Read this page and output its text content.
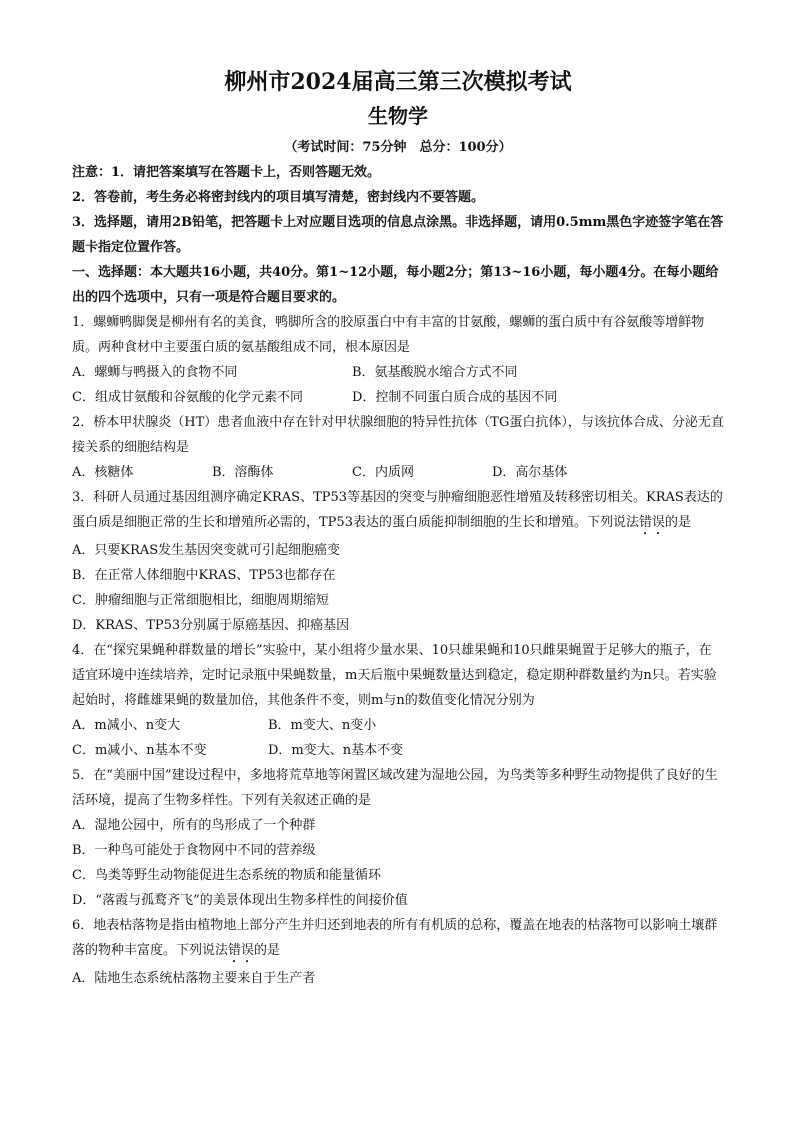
柳州市2024届高三第三次模拟考试
生物学
（考试时间：75分钟　总分：100分）

注意：1．请把答案填写在答题卡上，否则答题无效。

2．答卷前，考生务必将密封线内的项目填写清楚，密封线内不要答题。

3．选择题，请用2B铅笔，把答题卡上对应题目选项的信息点涂黑。非选择题，请用0.5mm黑色字迹签字笔在答题卡指定位置作答。

一、选择题：本大题共16小题，共40分。第1~12小题，每小题2分；第13~16小题，每小题4分。在每小题给出的四个选项中，只有一项是符合题目要求的。

1．螺蛳鸭脚煲是柳州有名的美食，鸭脚所含的胶原蛋白中有丰富的甘氨酸，螺蛳的蛋白质中有谷氨酸等增鲜物质。两种食材中主要蛋白质的氨基酸组成不同，根本原因是

A．螺蛳与鸭摄入的食物不同	B．氨基酸脱水缩合方式不同
C．组成甘氨酸和谷氨酸的化学元素不同	D．控制不同蛋白质合成的基因不同

2．桥本甲状腺炎（HT）患者血液中存在针对甲状腺细胞的特异性抗体（TG蛋白抗体），与该抗体合成、分泌无直接关系的细胞结构是

A．核糖体	B．溶酶体	C．内质网	D．高尔基体

3．科研人员通过基因组测序确定KRAS、TP53等基因的突变与肿瘤细胞恶性增殖及转移密切相关。KRAS表达的蛋白质是细胞正常的生长和增殖所必需的，TP53表达的蛋白质能抑制细胞的生长和增殖。下列说法错误的是

A．只要KRAS发生基因突变就可引起细胞癌变

B．在正常人体细胞中KRAS、TP53也都存在

C．肿瘤细胞与正常细胞相比，细胞周期缩短

D．KRAS、TP53分别属于原癌基因、抑癌基因

4．在“探究果蝇种群数量的增长”实验中，某小组将少量水果、10只雄果蝇和10只雌果蝇置于足够大的瓶子，在适宜环境中连续培养，定时记录瓶中果蝇数量，m天后瓶中果蝇数量达到稳定，稳定期种群数量约为n只。若实验起始时，将雌雄果蝇的数量加倍，其他条件不变，则m与n的数值变化情况分别为

A．m减小、n变大	B．m变大、n变小
C．m减小、n基本不变	D．m变大、n基本不变

5．在“美丽中国”建设过程中，多地将荒草地等闲置区域改建为湿地公园，为鸟类等多种野生动物提供了良好的生活环境，提高了生物多样性。下列有关叙述正确的是

A．湿地公园中，所有的鸟形成了一个种群

B．一种鸟可能处于食物网中不同的营养级

C．鸟类等野生动物能促进生态系统的物质和能量循环

D．“落霞与孤鹜齐飞”的美景体现出生物多样性的间接价值

6．地表枯落物是指由植物地上部分产生并归还到地表的所有有机质的总称，覆盖在地表的枯落物可以影响土壤群落的物种丰富度。下列说法错误的是

A．陆地生态系统枯落物主要来自于生产者
